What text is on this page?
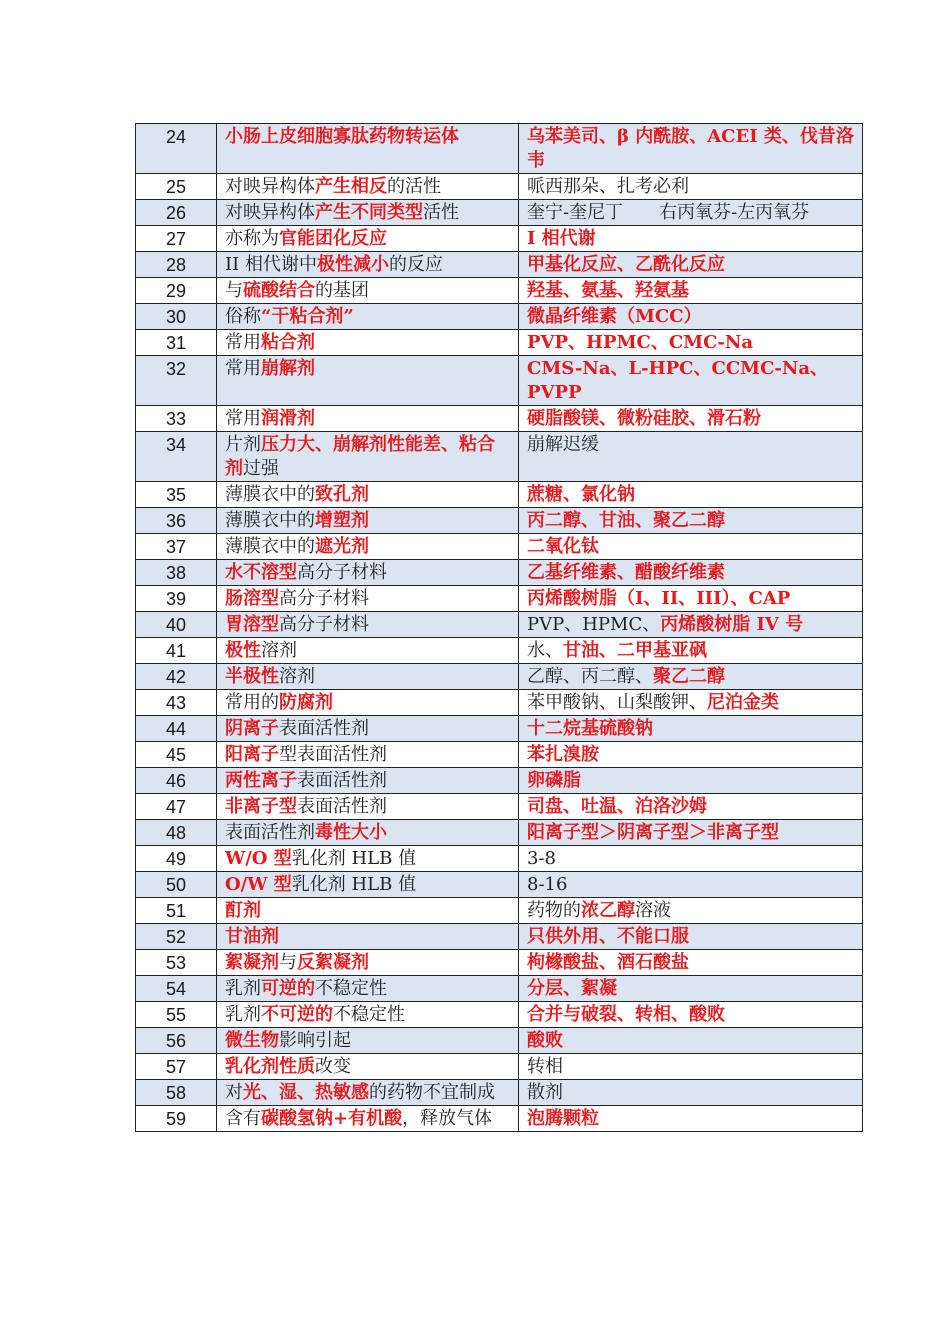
24	小肠上皮细胞寡肽药物转运体	乌苯美司、β 内酰胺、ACEI 类、伐昔洛韦
25	对映异构体产生相反的活性	哌西那朵、扎考必利
26	对映异构体产生不同类型活性	奎宁-奎尼丁　　右丙氧芬-左丙氧芬
27	亦称为官能团化反应	I 相代谢
28	II 相代谢中极性减小的反应	甲基化反应、乙酰化反应
29	与硫酸结合的基团	羟基、氨基、羟氨基
30	俗称“干粘合剂”	微晶纤维素（MCC）
31	常用粘合剂	PVP、HPMC、CMC-Na
32	常用崩解剂	CMS-Na、L-HPC、CCMC-Na、PVPP
33	常用润滑剂	硬脂酸镁、微粉硅胶、滑石粉
34	片剂压力大、崩解剂性能差、粘合剂过强	崩解迟缓
35	薄膜衣中的致孔剂	蔗糖、氯化钠
36	薄膜衣中的增塑剂	丙二醇、甘油、聚乙二醇
37	薄膜衣中的遮光剂	二氧化钛
38	水不溶型高分子材料	乙基纤维素、醋酸纤维素
39	肠溶型高分子材料	丙烯酸树脂（I、II、III）、CAP
40	胃溶型高分子材料	PVP、HPMC、丙烯酸树脂 IV 号
41	极性溶剂	水、甘油、二甲基亚砜
42	半极性溶剂	乙醇、丙二醇、聚乙二醇
43	常用的防腐剂	苯甲酸钠、山梨酸钾、尼泊金类
44	阴离子表面活性剂	十二烷基硫酸钠
45	阳离子型表面活性剂	苯扎溴胺
46	两性离子表面活性剂	卵磷脂
47	非离子型表面活性剂	司盘、吐温、泊洛沙姆
48	表面活性剂毒性大小	阳离子型＞阴离子型＞非离子型
49	W/O 型乳化剂 HLB 值	3-8
50	O/W 型乳化剂 HLB 值	8-16
51	酊剂	药物的浓乙醇溶液
52	甘油剂	只供外用、不能口服
53	絮凝剂与反絮凝剂	枸橼酸盐、酒石酸盐
54	乳剂可逆的不稳定性	分层、絮凝
55	乳剂不可逆的不稳定性	合并与破裂、转相、酸败
56	微生物影响引起	酸败
57	乳化剂性质改变	转相
58	对光、湿、热敏感的药物不宜制成	散剂
59	含有碳酸氢钠+有机酸，释放气体	泡腾颗粒
